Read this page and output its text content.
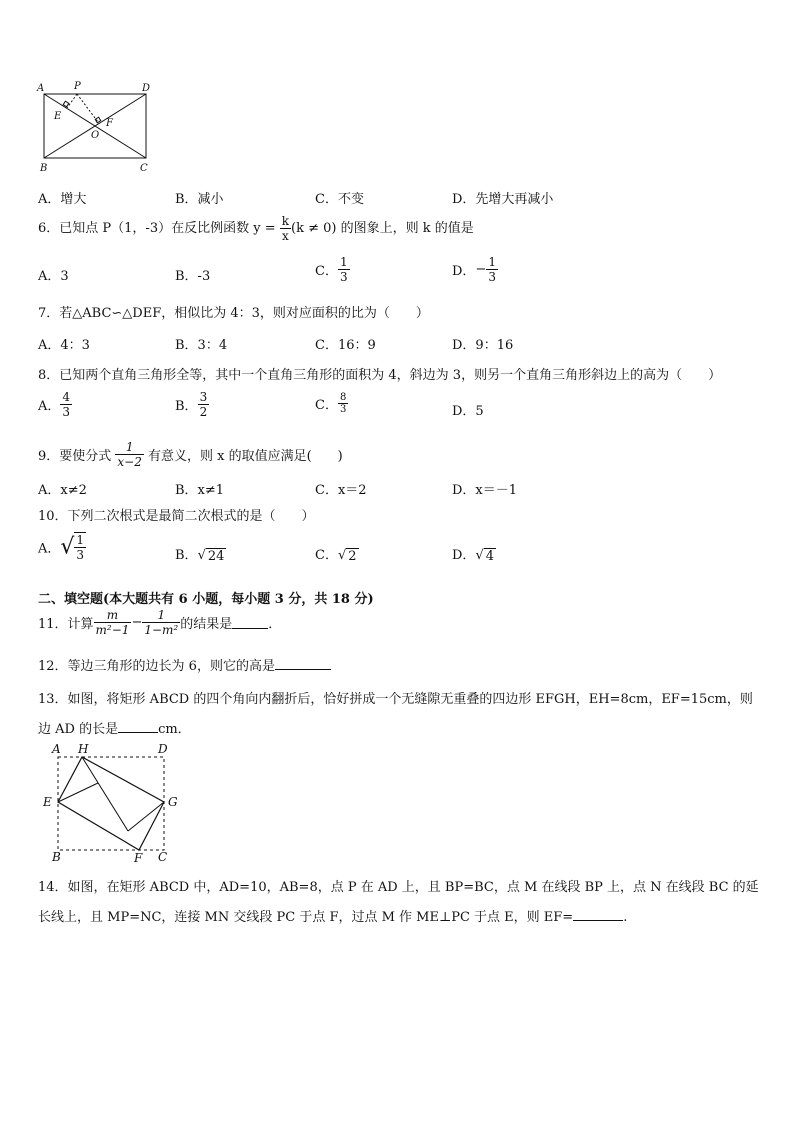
A	P	D
E
F
O
B	C
A．增大	B．减小	C．不变	D．先增大再减小
6．已知点 P（1，-3）在反比例函数 $y = \frac{k}{x} (k \ne 0)$ 的图象上，则 k 的值是
A．3	B．-3	C． $\frac{1}{3}$	D．− $\frac{1}{3}$
7．若△ABC∽△DEF，相似比为 4：3，则对应面积的比为（　　）
A．4：3	B．3：4	C．16：9	D．9：16
8．已知两个直角三角形全等，其中一个直角三角形的面积为 4，斜边为 3，则另一个直角三角形斜边上的高为（　　）
A． $\frac{4}{3}$	B． $\frac{3}{2}$	C． $\frac{8}{3}$	D．5
9．要使分式 $\frac{1}{x-2}$ 有意义，则 x 的取值应满足(　　)
A．x≠2	B．x≠1	C．x＝2	D．x＝－1
10．下列二次根式是最简二次根式的是（　　）
A．√ $\frac{1}{3}$	B．√ 24	C．√ 2	D．√ 4
二、填空题(本大题共有 6 小题，每小题 3 分，共 18 分)
11．计算 $\frac{m}{\text{m²−1}} - \frac{1}{\text{1−m²}}$ 的结果是	．
12．等边三角形的边长为 6，则它的高是
13．如图，将矩形 ABCD 的四个角向内翻折后，恰好拼成一个无缝隙无重叠的四边形 EFGH，EH=8cm，EF=15cm，则
边 AD 的长是	cm．
A H	D
E	G
B	F C
14．如图，在矩形 ABCD 中，AD=10，AB=8，点 P 在 AD 上，且 BP=BC，点 M 在线段 BP 上，点 N 在线段 BC 的延
长线上，且 MP=NC，连接 MN 交线段 PC 于点 F，过点 M 作 ME⊥PC 于点 E，则 EF=	.
